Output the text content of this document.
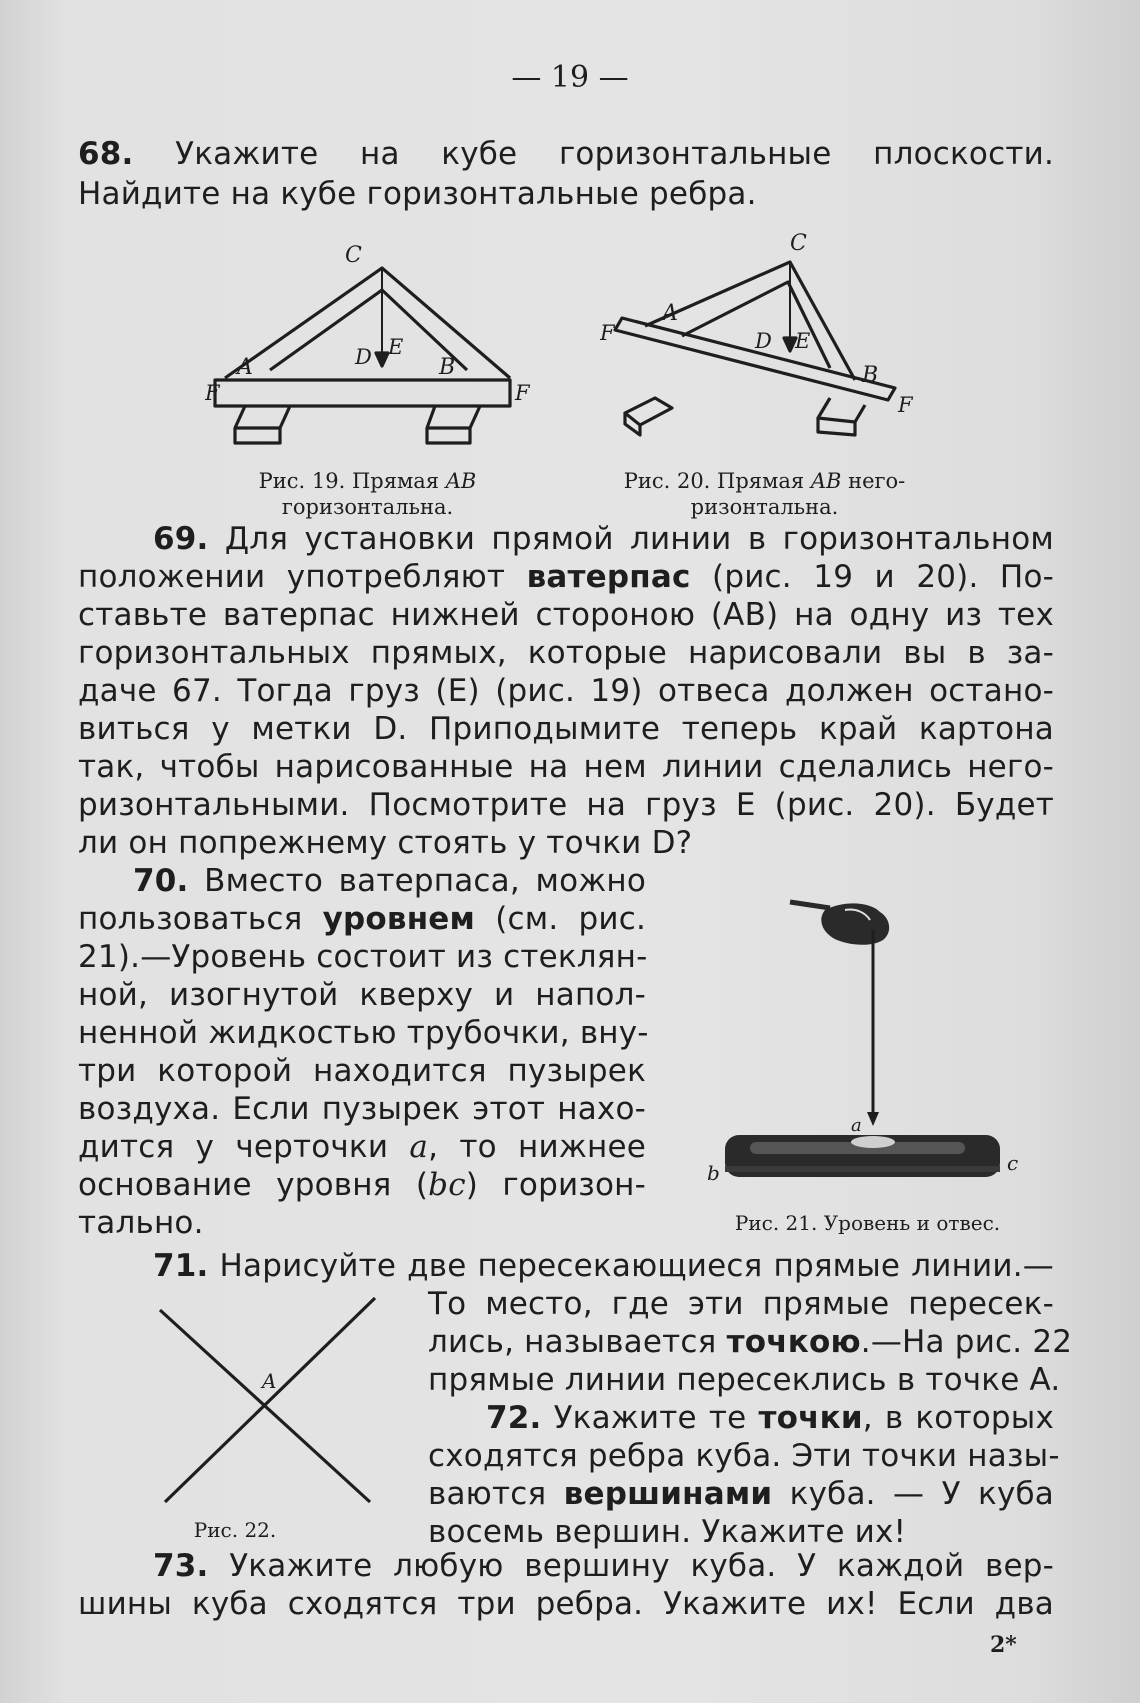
— 19 —
68. Укажите на кубе горизонтальные плоскости.
Найдите на кубе горизонтальные ребра.
C
A	B
D E
F	F
Рис. 19. Прямая AB
горизонтальна.
C
A
B
D E
F
F
Рис. 20. Прямая AB него-
ризонтальна.
69. Для установки прямой линии в горизонтальном
положении употребляют ватерпас (рис. 19 и 20). По-
ставьте ватерпас нижней стороною (AB) на одну из тех
горизонтальных прямых, которые нарисовали вы в за-
даче 67. Тогда груз (E) (рис. 19) отвеса должен остано-
виться у метки D. Приподымите теперь край картона
так, чтобы нарисованные на нем линии сделались него-
ризонтальными. Посмотрите на груз E (рис. 20). Будет
ли он попрежнему стоять у точки D?
70. Вместо ватерпаса, можно
пользоваться уровнем (см. рис.
21).—Уровень состоит из стеклян-
ной, изогнутой кверху и напол-
ненной жидкостью трубочки, вну-
три которой находится пузырек
воздуха. Если пузырек этот нахо-
дится у черточки a, то нижнее
основание уровня (bc) горизон-
тально.
a
b	c
Рис. 21. Уровень и отвес.
71. Нарисуйте две пересекающиеся прямые линии.—
То место, где эти прямые пересек-
лись, называется точкою.—На рис. 22
прямые линии пересеклись в точке A.
72. Укажите те точки, в которых
сходятся ребра куба. Эти точки назы-
ваются вершинами куба. — У куба
восемь вершин. Укажите их!
A
Рис. 22.
73. Укажите любую вершину куба. У каждой вер-
шины куба сходятся три ребра. Укажите их! Если два
2*
